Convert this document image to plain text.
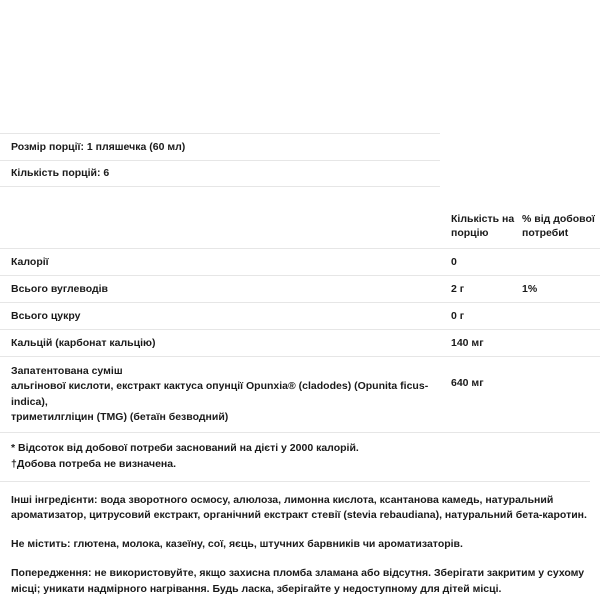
Розмір порції: 1 пляшечка (60 мл)
Кількість порцій: 6
	Кількість на порцію	% від добової потребиt
Калорії	0	
Всього вуглеводів	2 г	1%
Всього цукру	0 г	
Кальцій (карбонат кальцію)	140 мг	

Запатентована суміш
альгінової кислоти, екстракт кактуса опунції Opunxia® (cladodes) (Opunita ficus-indica),
триметилгліцин (TMG) (бетаїн безводний)	640 мг	
* Відсоток від добової потреби заснований на дієті у 2000 калорій.
†Добова потреба не визначена.

Інші інгредієнти: вода зворотного осмосу, алюлоза, лимонна кислота, ксантанова камедь, натуральний ароматизатор, цитрусовий екстракт, органічний екстракт стевії (stevia rebaudiana), натуральний бета-каротин.

Не містить: глютена, молока, казеїну, сої, яєць, штучних барвників чи ароматизаторів.

Попередження: не використовуйте, якщо захисна пломба зламана або відсутня. Зберігати закритим у сухому місці; уникати надмірного нагрівання. Будь ласка, зберігайте у недоступному для дітей місці.
